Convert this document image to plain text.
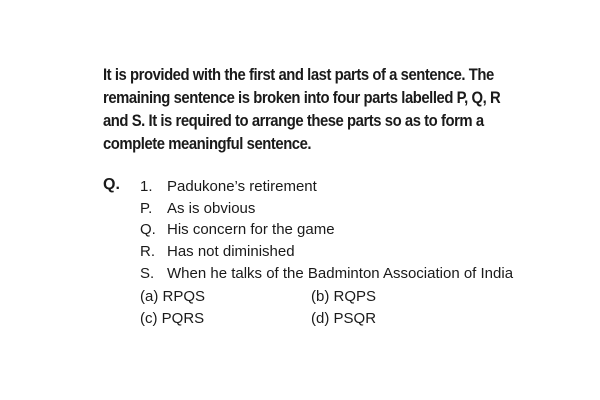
It is provided with the first and last parts of a sentence. The
remaining sentence is broken into four parts labelled P, Q, R
and S. It is required to arrange these parts so as to form a
complete meaningful sentence.
Q. 1. Padukone’s retirement
P. As is obvious
Q. His concern for the game
R. Has not diminished
S. When he talks of the Badminton Association of India
(a) RPQS	(b) RQPS
(c) PQRS	(d) PSQR
